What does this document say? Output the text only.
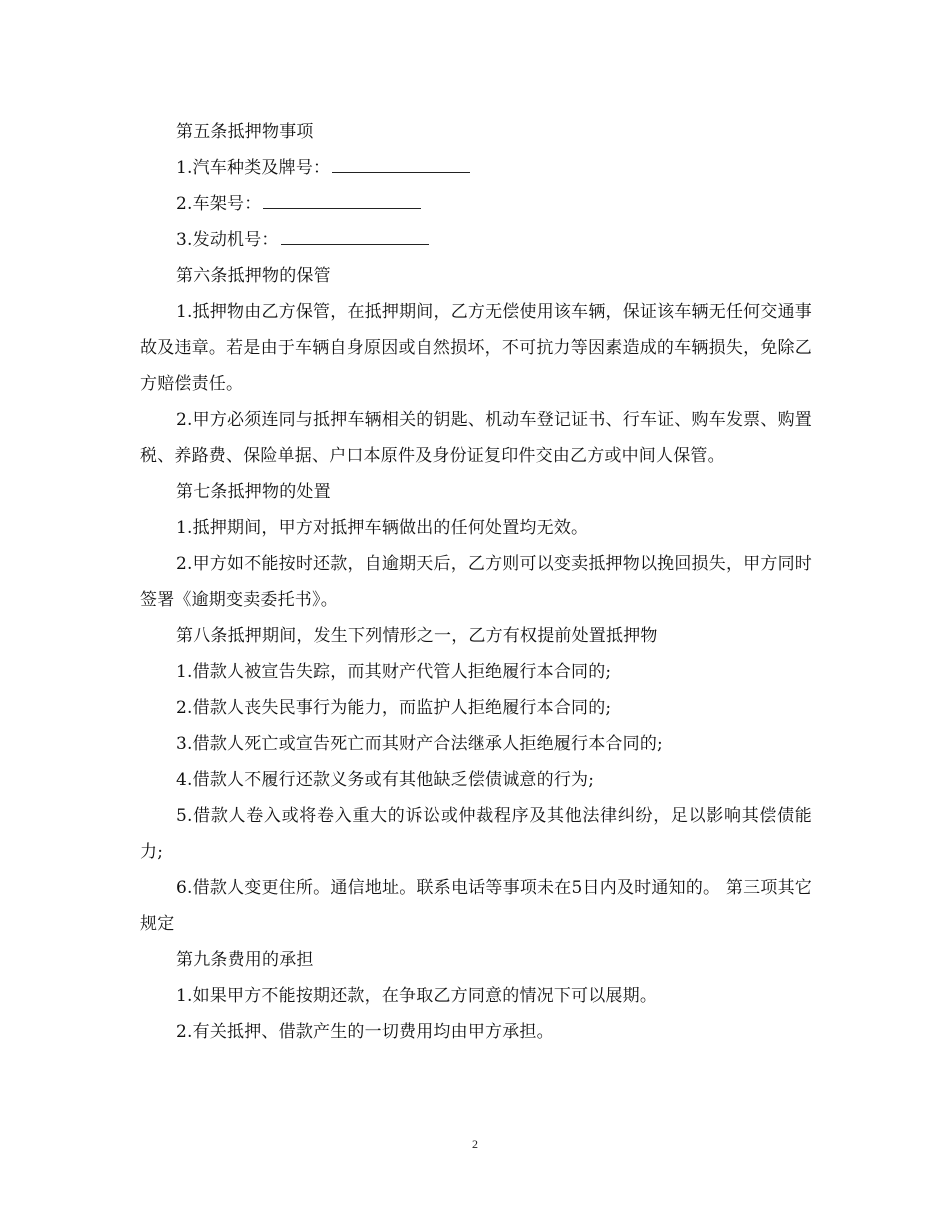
第五条抵押物事项

1.汽车种类及牌号：

2.车架号：

3.发动机号：

第六条抵押物的保管

1.抵押物由乙方保管，在抵押期间，乙方无偿使用该车辆，保证该车辆无任何交通事故及违章。若是由于车辆自身原因或自然损坏，不可抗力等因素造成的车辆损失，免除乙方赔偿责任。

2.甲方必须连同与抵押车辆相关的钥匙、机动车登记证书、行车证、购车发票、购置税、养路费、保险单据、户口本原件及身份证复印件交由乙方或中间人保管。

第七条抵押物的处置

1.抵押期间，甲方对抵押车辆做出的任何处置均无效。

2.甲方如不能按时还款，自逾期天后，乙方则可以变卖抵押物以挽回损失，甲方同时签署《逾期变卖委托书》。

第八条抵押期间，发生下列情形之一，乙方有权提前处置抵押物

1.借款人被宣告失踪，而其财产代管人拒绝履行本合同的;

2.借款人丧失民事行为能力，而监护人拒绝履行本合同的;

3.借款人死亡或宣告死亡而其财产合法继承人拒绝履行本合同的;

4.借款人不履行还款义务或有其他缺乏偿债诚意的行为;

5.借款人卷入或将卷入重大的诉讼或仲裁程序及其他法律纠纷，足以影响其偿债能力;

6.借款人变更住所。通信地址。联系电话等事项未在5日内及时通知的。 第三项其它规定

第九条费用的承担

1.如果甲方不能按期还款，在争取乙方同意的情况下可以展期。

2.有关抵押、借款产生的一切费用均由甲方承担。

2
